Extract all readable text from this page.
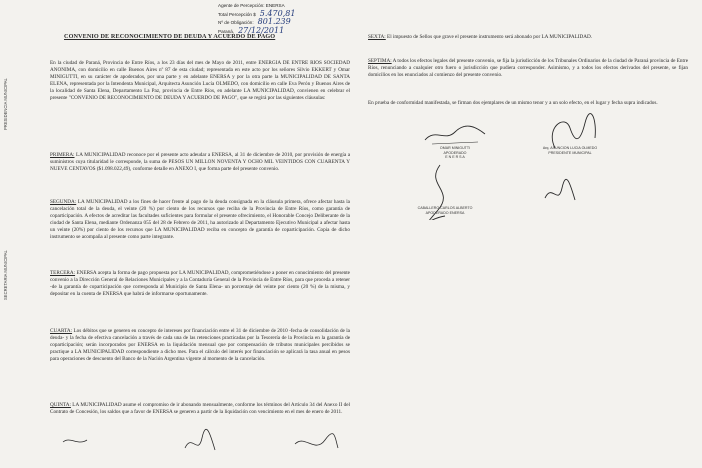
Agente de Percepción: ENERSA
Total Percepción $ 5.470,81
Nº de Obligación: 801.239
Paraná, 27/12/2011
CONVENIO DE RECONOCIMIENTO DE DEUDA Y ACUERDO DE PAGO
En la ciudad de Paraná, Provincia de Entre Ríos, a los 23 días del mes de Mayo de 2011, entre ENERGIA DE ENTRE RIOS SOCIEDAD ANONIMA, con domicilio en calle Buenos Aires nº 87 de esta ciudad; representada en este acto por los señores Silvio EKKERT y Omar MINIGUTTI, en su carácter de apoderados, por una parte y en adelante ENERSA y por la otra parte la MUNICIPALIDAD DE SANTA ELENA, representada por la Intendenta Municipal, Arquitecta Asunción Lucía OLMEDO, con domicilio en calle Eva Perón y Buenos Aires de la localidad de Santa Elena, Departamento La Paz, provincia de Entre Ríos, en adelante LA MUNICIPALIDAD, convienen en celebrar el presente "CONVENIO DE RECONOCIMIENTO DE DEUDA Y ACUERDO DE PAGO", que se regirá por las siguientes cláusulas:
PRIMERA: LA MUNICIPALIDAD reconoce por el presente acto adeudar a ENERSA, al 31 de diciembre de 2010, por provisión de energía a suministros cuya titularidad le corresponde, la suma de PESOS UN MILLON NOVENTA Y OCHO MIL VEINTIDOS CON CUARENTA Y NUEVE CENTAVOS ($1.098.022,49), conforme detalle en ANEXO I, que forma parte del presente convenio.
SEGUNDA: LA MUNICIPALIDAD a los fines de hacer frente al pago de la deuda consignada en la cláusula primera, ofrece afectar hasta la cancelación total de la deuda, el veinte (20 %) por ciento de los recursos que reciba de la Provincia de Entre Ríos, como garantía de coparticipación. A efectos de acreditar las facultades suficientes para formular el presente ofrecimiento, el Honorable Concejo Deliberante de la ciudad de Santa Elena, mediante Ordenanza 055 del 28 de Febrero de 2011, ha autorizado al Departamento Ejecutivo Municipal a afectar hasta un veinte (20%) por ciento de los recursos que LA MUNICIPALIDAD reciba en concepto de garantía de coparticipación. Copia de dicho instrumento se acompaña al presente como parte integrante.
TERCERA: ENERSA acepta la forma de pago propuesta por LA MUNICIPALIDAD, comprometiéndose a poner en conocimiento del presente convenio a la Dirección General de Relaciones Municipales y a la Contaduría General de la Provincia de Entre Ríos, para que proceda a retener -de la garantía de coparticipación que corresponda al Municipio de Santa Elena- un porcentaje del veinte por ciento (20 %) de la misma, y depositar en la cuenta de ENERSA que habrá de informarse oportunamente.
CUARTA: Los débitos que se generen en concepto de intereses por financiación entre el 31 de diciembre de 2010 -fecha de consolidación de la deuda- y la fecha de efectiva cancelación a través de cada una de las retenciones practicadas por la Tesorería de la Provincia en la garantía de coparticipación; serán incorporados por ENERSA en la liquidación mensual que por compensación de tributos municipales percibidos se practique a LA MUNICIPALIDAD correspondiente a dicho mes. Para el cálculo del interés por financiación se aplicará la tasa anual en pesos para operaciones de descuento del Banco de la Nación Argentina vigente al momento de la cancelación.
QUINTA: LA MUNICIPALIDAD asume el compromiso de ir abonando mensualmente, conforme los términos del Artículo 34 del Anexo II del Contrato de Concesión, los saldos que a favor de ENERSA se generen a partir de la liquidación con vencimiento en el mes de enero de 2011.
SEXTA: El impuesto de Sellos que grave el presente instrumento será abonado por LA MUNICIPALIDAD.
SEPTIMA: A todos los efectos legales del presente convenio, se fija la jurisdicción de los Tribunales Ordinarios de la ciudad de Paraná provincia de Entre Ríos, renunciando a cualquier otro fuero o jurisdicción que pudiera corresponder. Asimismo, y a todos los efectos derivados del presente, se fijan domicilios en los enunciados al comienzo del presente convenio.
En prueba de conformidad manifestada, se firman dos ejemplares de un mismo tenor y a un solo efecto, en el lugar y fecha supra indicados.
OMAR MINIGUTTI
APODERADO
E N E R S A
Arq. ASUNCION LUCIA OLMEDO
PRESIDENTE MUNICIPAL
CABALLERO CARLOS ALBERTO
APODERADO ENERSA
PRESIDENCIA MUNICIPAL
SECRETARIA MUNICIPAL
